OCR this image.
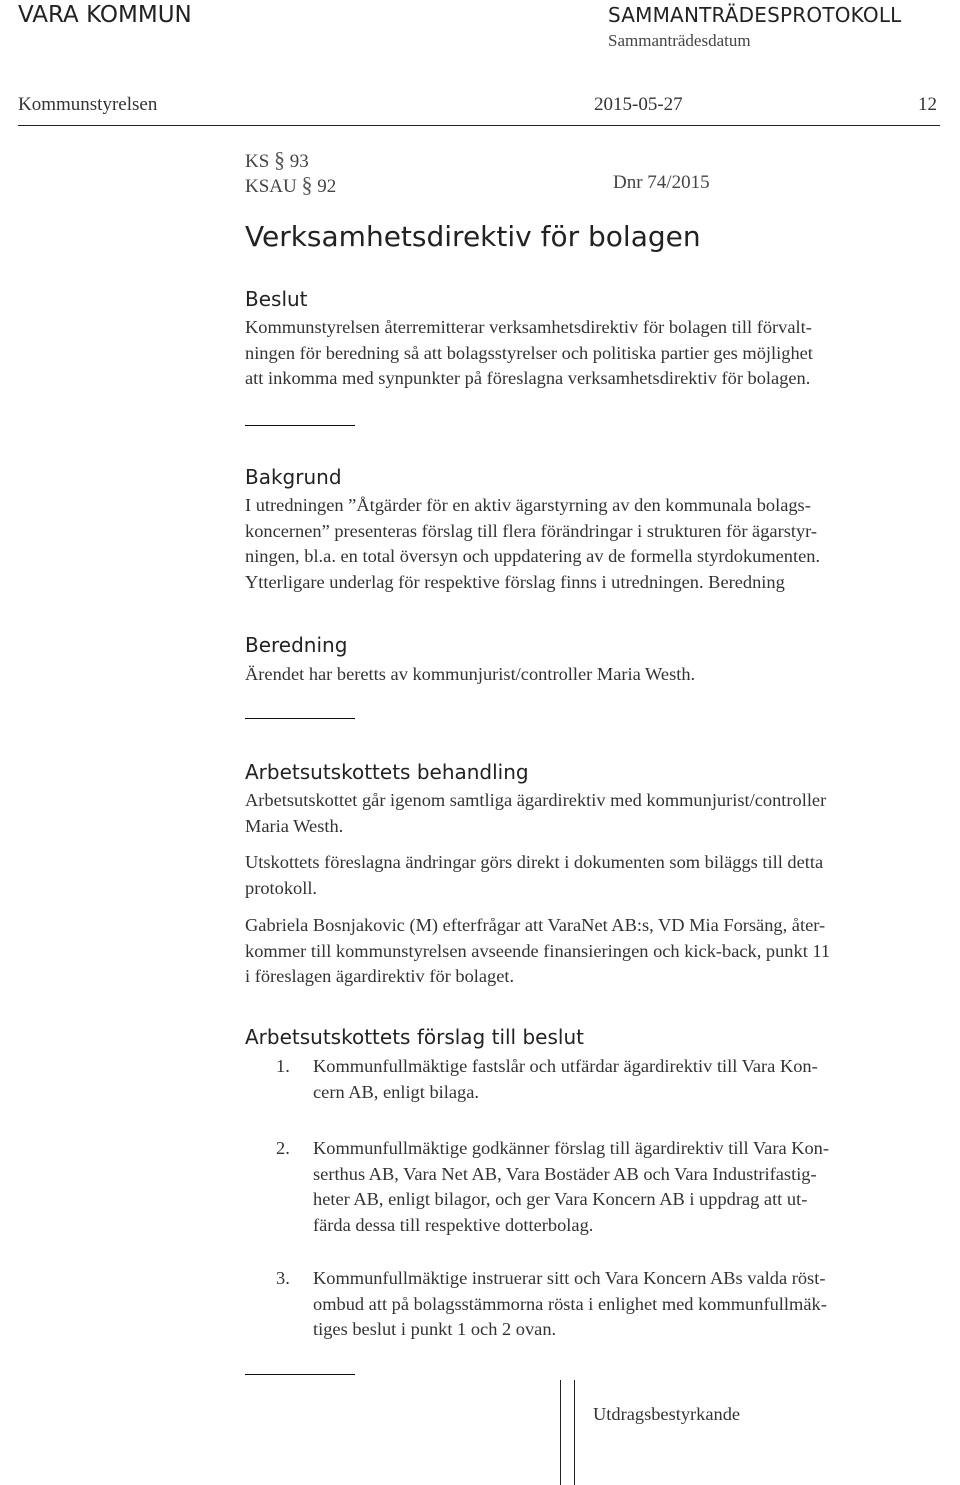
VARA KOMMUN	SAMMANTRÄDESPROTOKOLL
Sammanträdesdatum
Kommunstyrelsen	2015-05-27	12
KS § 93
KSAU § 92	Dnr 74/2015
Verksamhetsdirektiv för bolagen
Beslut
Kommunstyrelsen återremitterar verksamhetsdirektiv för bolagen till förvalt-
ningen för beredning så att bolagsstyrelser och politiska partier ges möjlighet
att inkomma med synpunkter på föreslagna verksamhetsdirektiv för bolagen.
Bakgrund
I utredningen ”Åtgärder för en aktiv ägarstyrning av den kommunala bolags-
koncernen” presenteras förslag till flera förändringar i strukturen för ägarstyr-
ningen, bl.a. en total översyn och uppdatering av de formella styrdokumenten.
Ytterligare underlag för respektive förslag finns i utredningen. Beredning
Beredning
Ärendet har beretts av kommunjurist/controller Maria Westh.
Arbetsutskottets behandling
Arbetsutskottet går igenom samtliga ägardirektiv med kommunjurist/controller
Maria Westh.
Utskottets föreslagna ändringar görs direkt i dokumenten som biläggs till detta
protokoll.
Gabriela Bosnjakovic (M) efterfrågar att VaraNet AB:s, VD Mia Forsäng, åter-
kommer till kommunstyrelsen avseende finansieringen och kick-back, punkt 11
i föreslagen ägardirektiv för bolaget.
Arbetsutskottets förslag till beslut
1. Kommunfullmäktige fastslår och utfärdar ägardirektiv till Vara Kon-
cern AB, enligt bilaga.
2. Kommunfullmäktige godkänner förslag till ägardirektiv till Vara Kon-
serthus AB, Vara Net AB, Vara Bostäder AB och Vara Industrifastig-
heter AB, enligt bilagor, och ger Vara Koncern AB i uppdrag att ut-
färda dessa till respektive dotterbolag.
3. Kommunfullmäktige instruerar sitt och Vara Koncern ABs valda röst-
ombud att på bolagsstämmorna rösta i enlighet med kommunfullmäk-
tiges beslut i punkt 1 och 2 ovan.
Utdragsbestyrkande
